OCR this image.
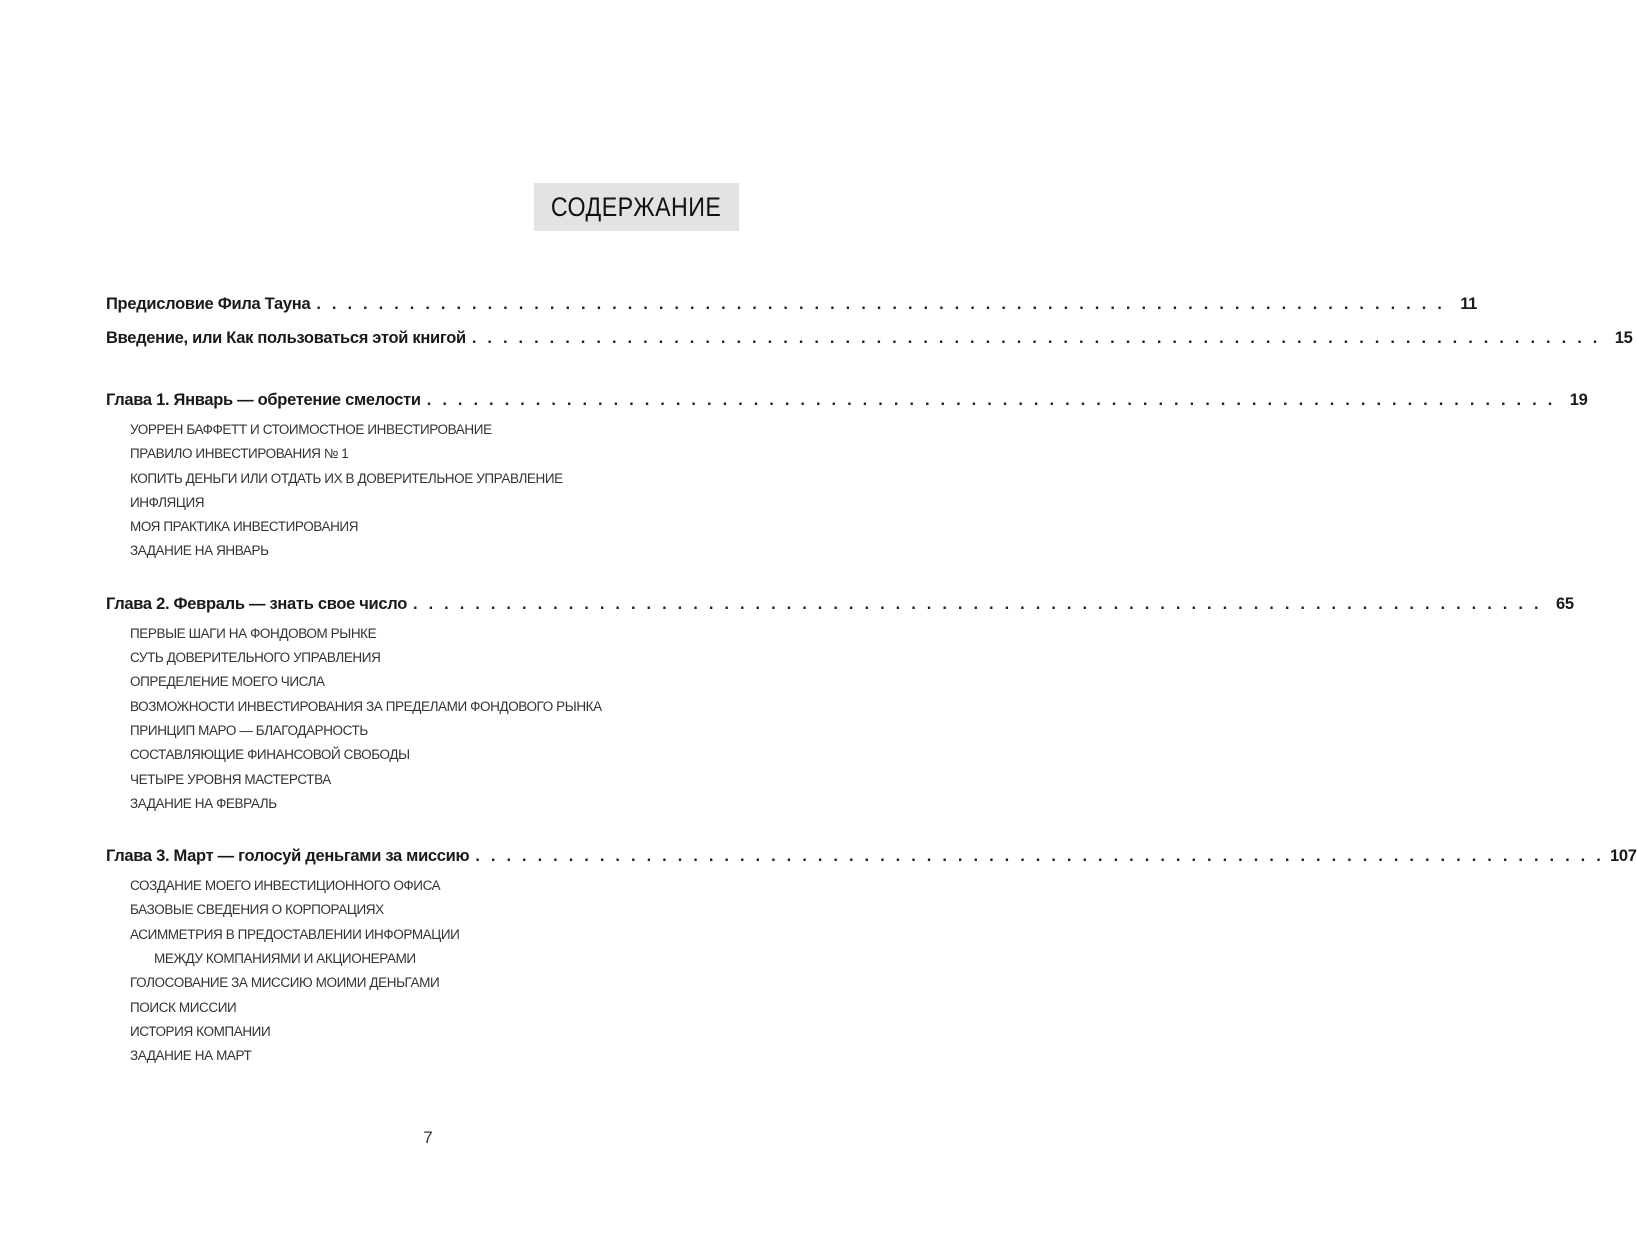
СОДЕРЖАНИЕ
Предисловие Фила Тауна . . . . . . . . . . . . . . . . . . . . . . . . . . . . . . . . . . . . . . . . . . . . . . . . . . . . . . . . . . . . . . . . . . . . . . . . . 11
Введение, или Как пользоваться этой книгой . . . . . . . . . . . . . . . . . . . . . . . . . . . . . . . . . . . . . . . . . . . . . . . . . . . . . . . . . . . . . . . . . . . . . . . . . 15
Глава 1. Январь — обретение смелости . . . . . . . . . . . . . . . . . . . . . . . . . . . . . . . . . . . . . . . . . . . . . . . . . . . . . . . . . . . . . . . . . . . . . . . . . 19
УОРРЕН БАФФЕТТ И СТОИМОСТНОЕ ИНВЕСТИРОВАНИЕ
ПРАВИЛО ИНВЕСТИРОВАНИЯ № 1
КОПИТЬ ДЕНЬГИ ИЛИ ОТДАТЬ ИХ В ДОВЕРИТЕЛЬНОЕ УПРАВЛЕНИЕ
ИНФЛЯЦИЯ
МОЯ ПРАКТИКА ИНВЕСТИРОВАНИЯ
ЗАДАНИЕ НА ЯНВАРЬ
Глава 2. Февраль — знать свое число . . . . . . . . . . . . . . . . . . . . . . . . . . . . . . . . . . . . . . . . . . . . . . . . . . . . . . . . . . . . . . . . . . . . . . . . . 65
ПЕРВЫЕ ШАГИ НА ФОНДОВОМ РЫНКЕ
СУТЬ ДОВЕРИТЕЛЬНОГО УПРАВЛЕНИЯ
ОПРЕДЕЛЕНИЕ МОЕГО ЧИСЛА
ВОЗМОЖНОСТИ ИНВЕСТИРОВАНИЯ ЗА ПРЕДЕЛАМИ ФОНДОВОГО РЫНКА
ПРИНЦИП МАРО — БЛАГОДАРНОСТЬ
СОСТАВЛЯЮЩИЕ ФИНАНСОВОЙ СВОБОДЫ
ЧЕТЫРЕ УРОВНЯ МАСТЕРСТВА
ЗАДАНИЕ НА ФЕВРАЛЬ
Глава 3. Март — голосуй деньгами за миссию . . . . . . . . . . . . . . . . . . . . . . . . . . . . . . . . . . . . . . . . . . . . . . . . . . . . . . . . . . . . . . . . . . . . . . . . . 107
СОЗДАНИЕ МОЕГО ИНВЕСТИЦИОННОГО ОФИСА
БАЗОВЫЕ СВЕДЕНИЯ О КОРПОРАЦИЯХ
АСИММЕТРИЯ В ПРЕДОСТАВЛЕНИИ ИНФОРМАЦИИ
МЕЖДУ КОМПАНИЯМИ И АКЦИОНЕРАМИ
ГОЛОСОВАНИЕ ЗА МИССИЮ МОИМИ ДЕНЬГАМИ
ПОИСК МИССИИ
ИСТОРИЯ КОМПАНИИ
ЗАДАНИЕ НА МАРТ
7
